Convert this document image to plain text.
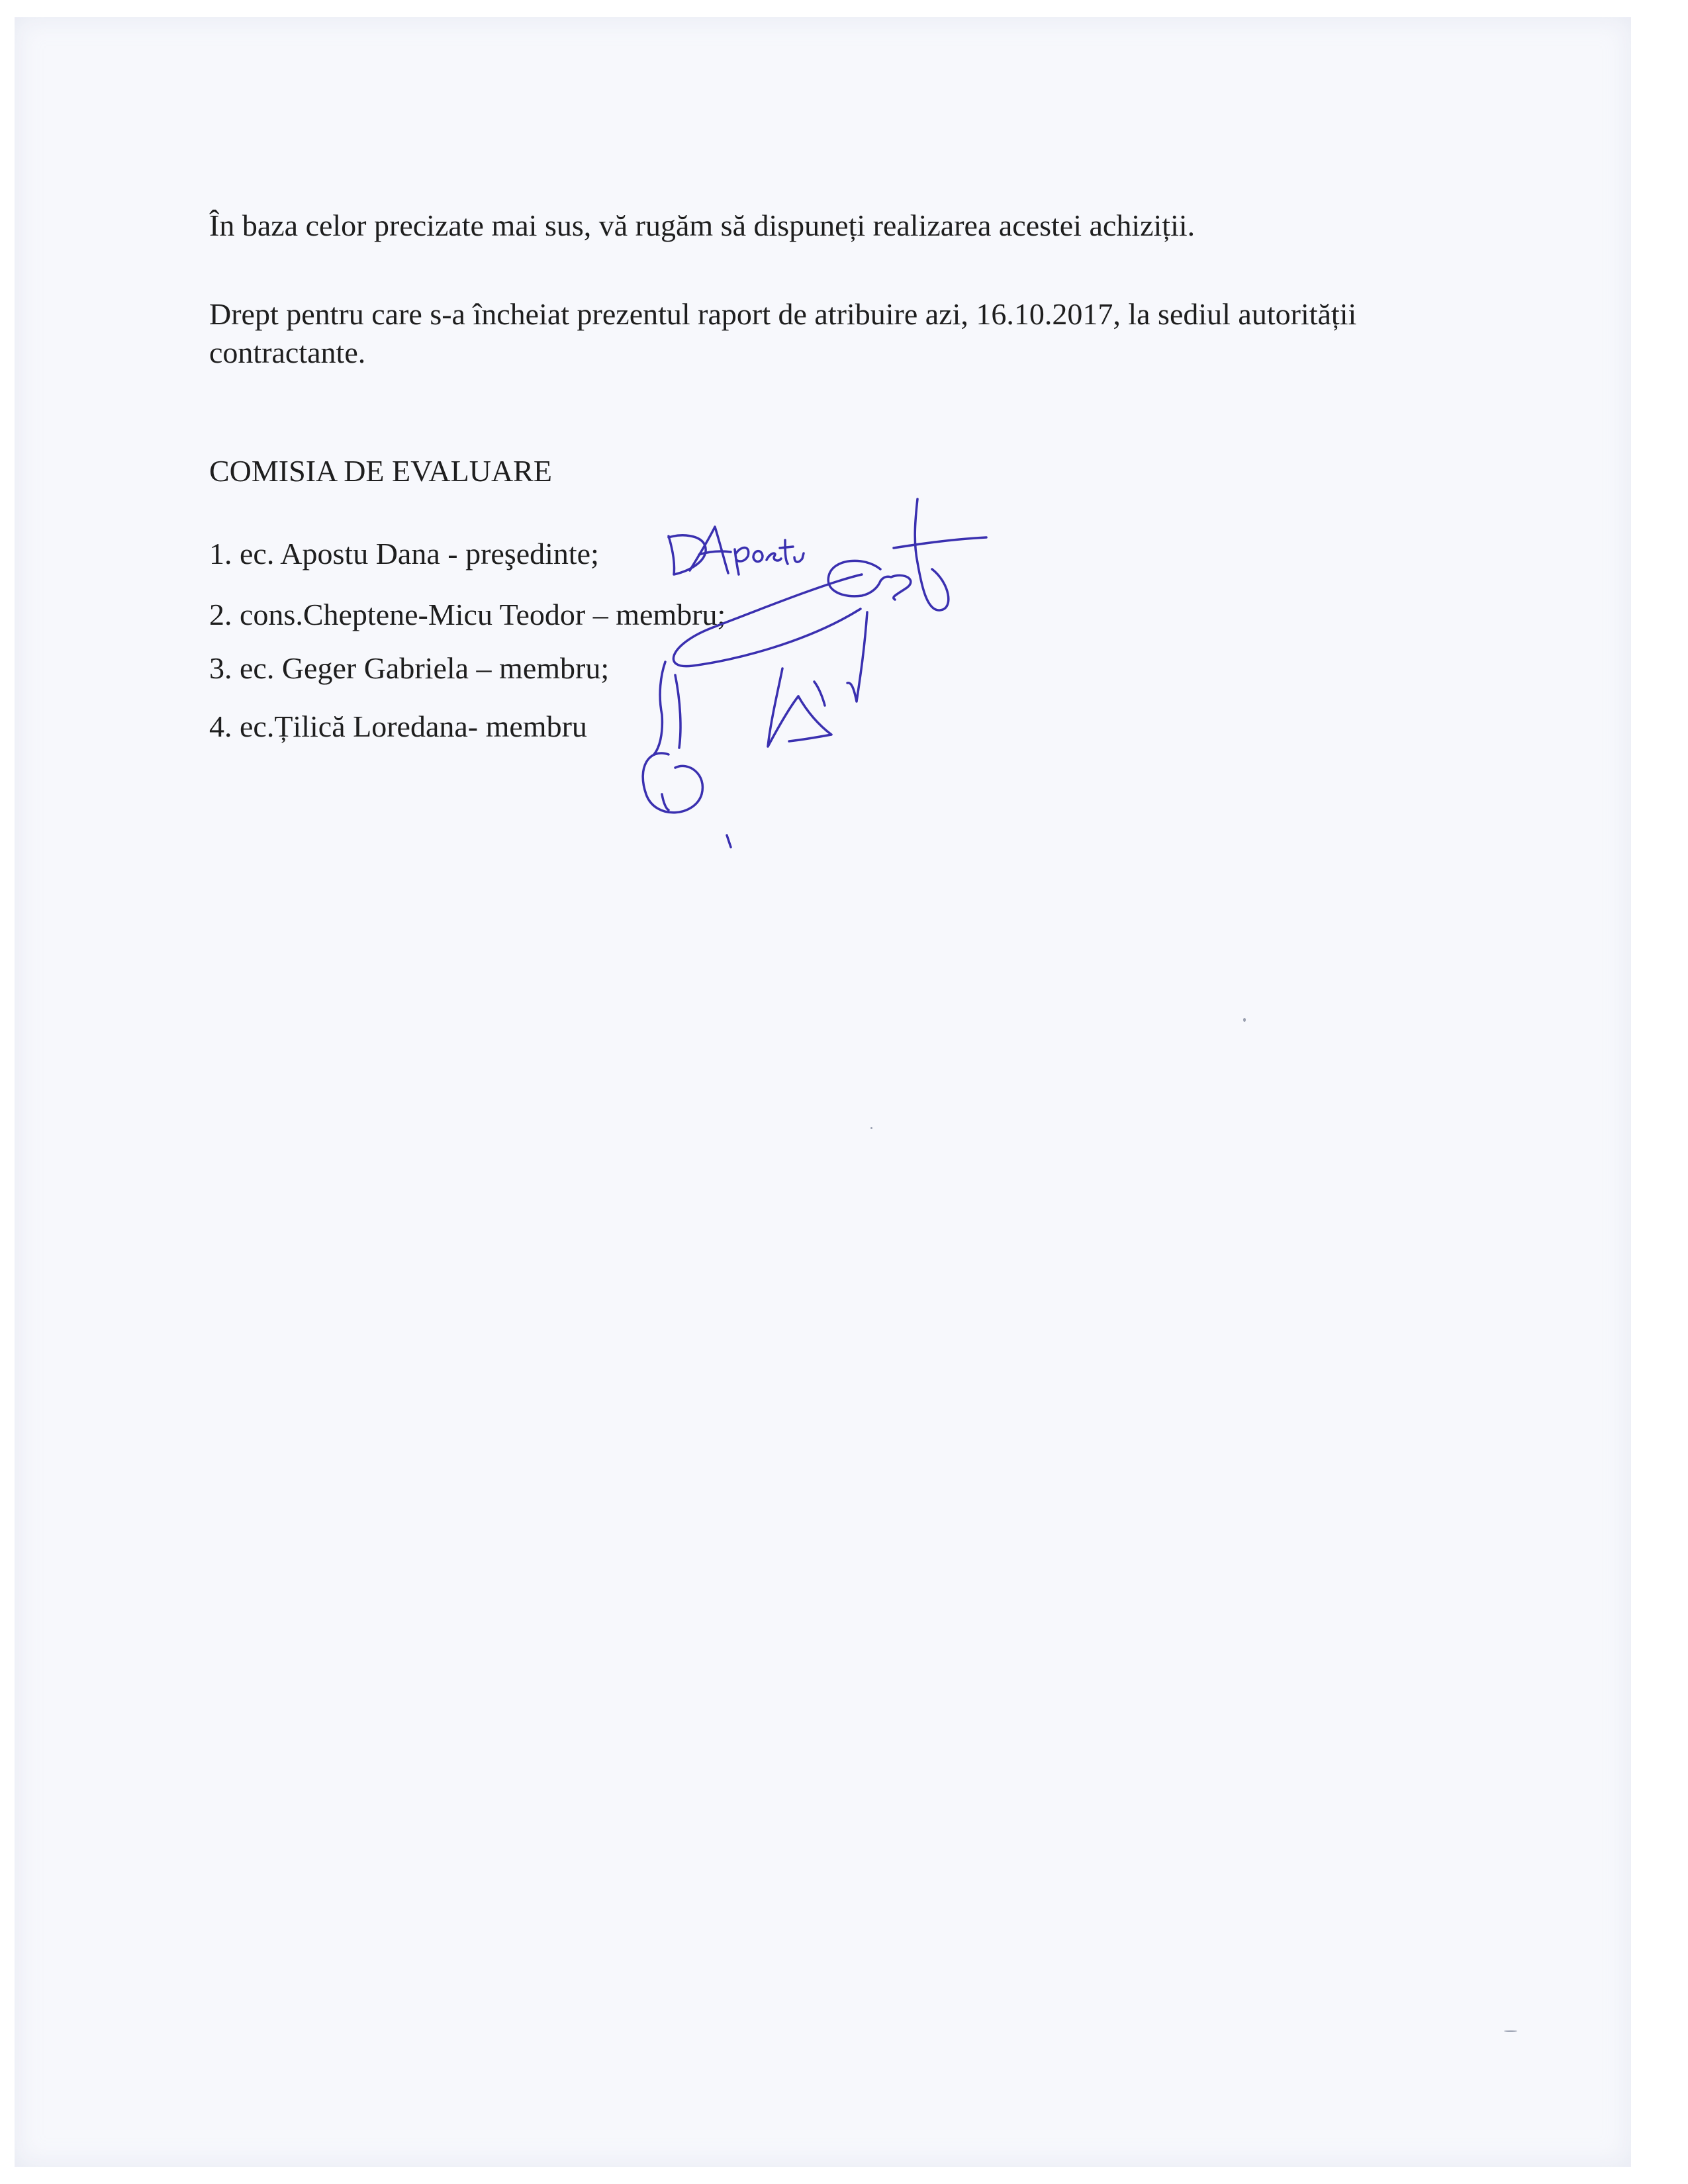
În baza celor precizate mai sus, vă rugăm să dispuneți realizarea acestei achiziții.
Drept pentru care s-a încheiat prezentul raport de atribuire azi, 16.10.2017, la sediul autorității
contractante.
COMISIA DE EVALUARE
1. ec. Apostu Dana - preşedinte;
2. cons.Cheptene-Micu Teodor – membru;
3. ec. Geger Gabriela – membru;
4. ec.Țilică Loredana- membru
